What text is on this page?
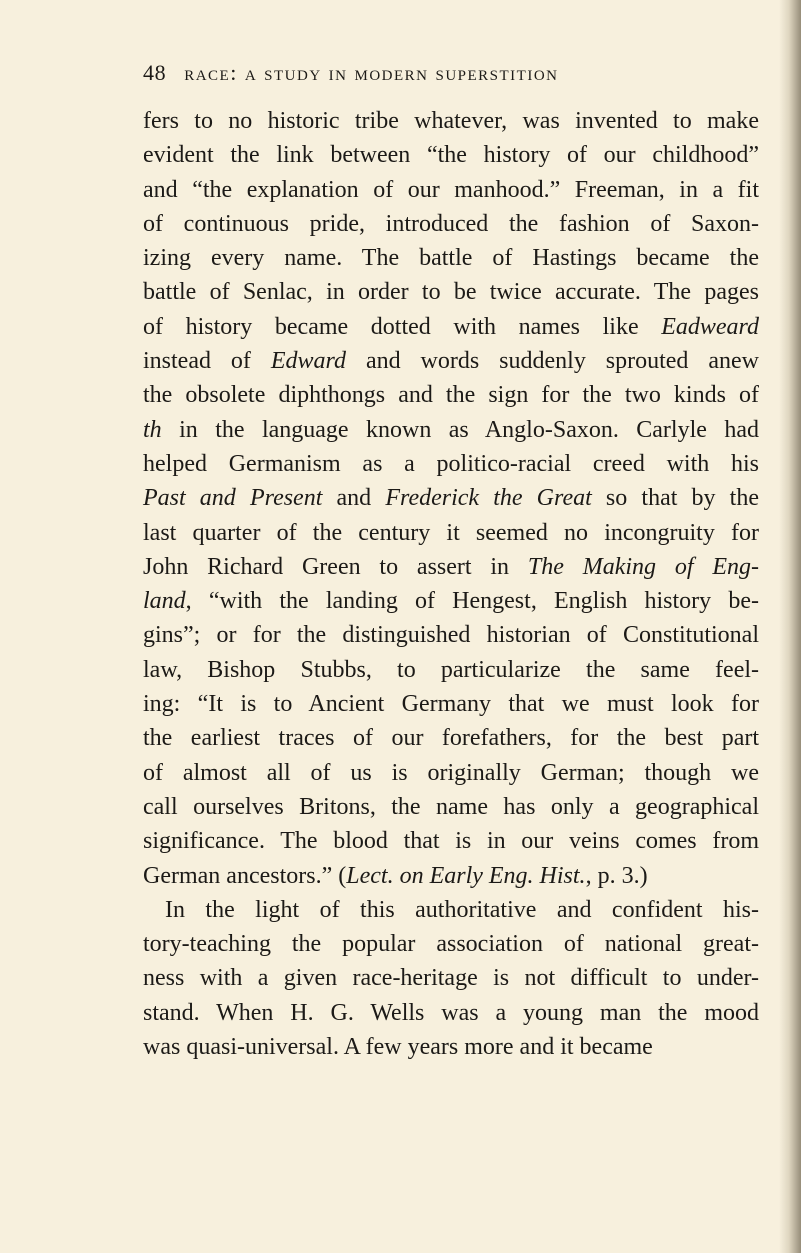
48 race: a study in modern superstition
fers to no historic tribe whatever, was invented to make
evident the link between “the history of our childhood”
and “the explanation of our manhood.” Freeman, in a fit
of continuous pride, introduced the fashion of Saxon-
izing every name. The battle of Hastings became the
battle of Senlac, in order to be twice accurate. The pages
of history became dotted with names like Eadweard
instead of Edward and words suddenly sprouted anew
the obsolete diphthongs and the sign for the two kinds of
th in the language known as Anglo-Saxon. Carlyle had
helped Germanism as a politico-racial creed with his
Past and Present and Frederick the Great so that by the
last quarter of the century it seemed no incongruity for
John Richard Green to assert in The Making of Eng-
land, “with the landing of Hengest, English history be-
gins”; or for the distinguished historian of Constitutional
law, Bishop Stubbs, to particularize the same feel-
ing: “It is to Ancient Germany that we must look for
the earliest traces of our forefathers, for the best part
of almost all of us is originally German; though we
call ourselves Britons, the name has only a geographical
significance. The blood that is in our veins comes from
German ancestors.” (Lect. on Early Eng. Hist., p. 3.)
In the light of this authoritative and confident his-
tory-teaching the popular association of national great-
ness with a given race-heritage is not difficult to under-
stand. When H. G. Wells was a young man the mood
was quasi-universal. A few years more and it became
